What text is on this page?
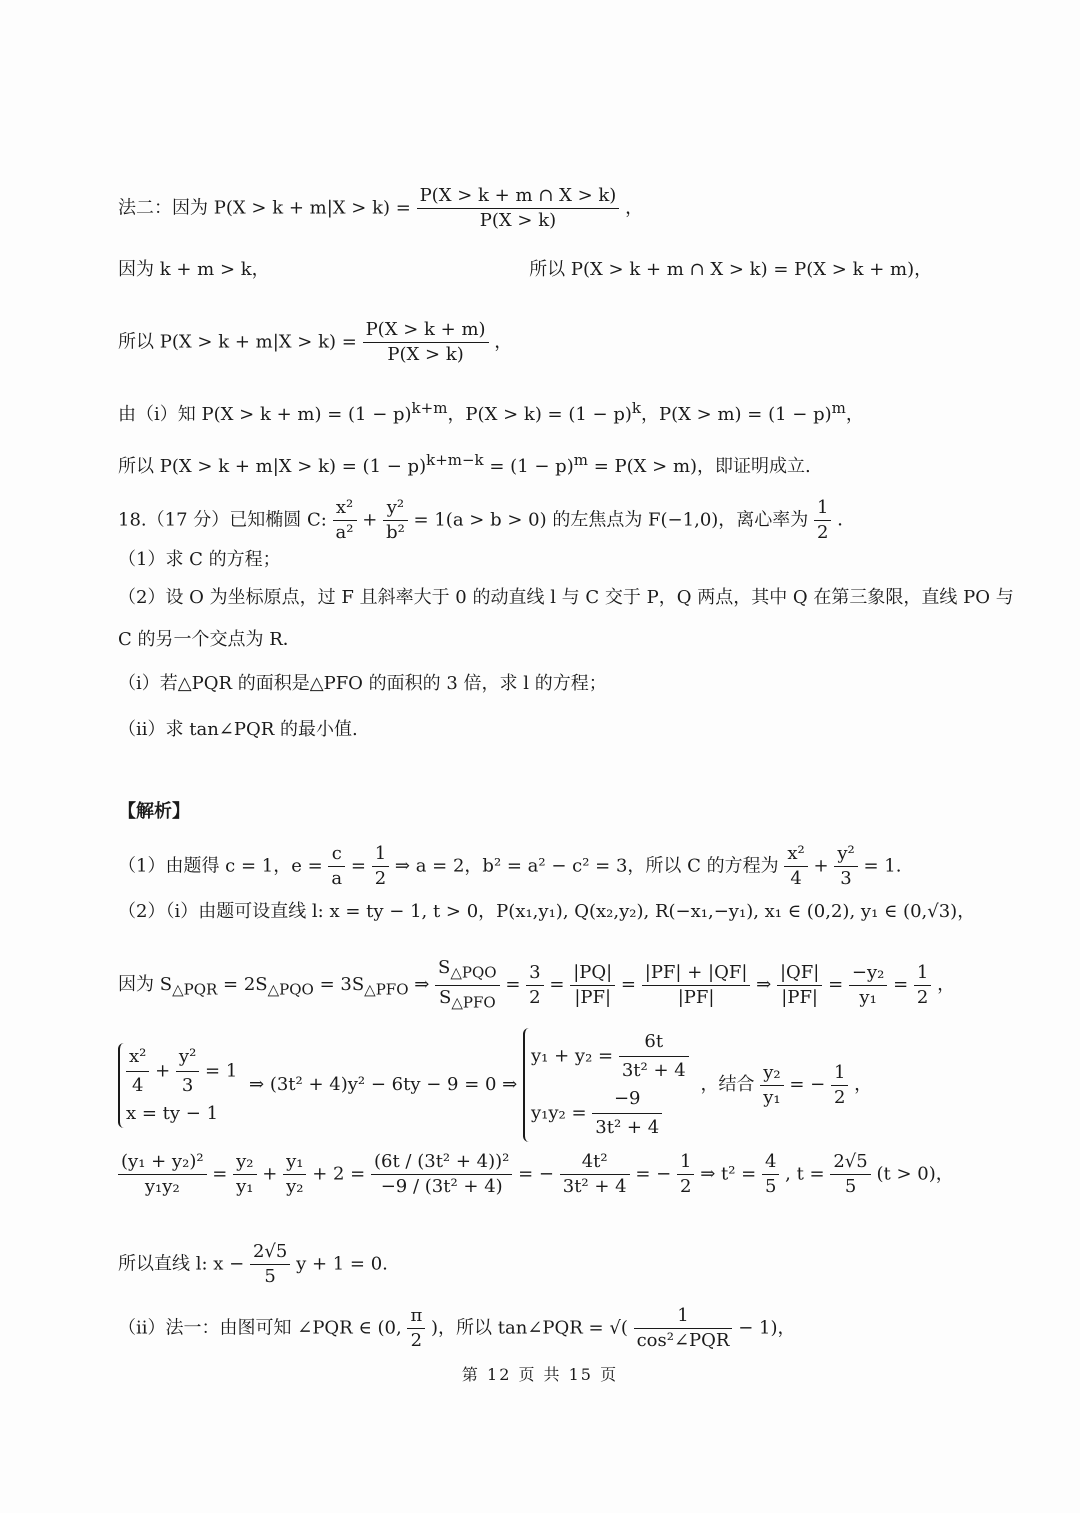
法二：因为 $P(X > k + m|X > k) = \frac{P(X > k + m \cap X > k)}{P(X > k)}$ ，
因为 k + m > k，	所以 P(X > k + m ∩ X > k) = P(X > k + m)，
所以 $P(X > k + m|X > k) = \frac{P(X > k + m)}{P(X > k)}$ ，
由（i）知 $P(X > k + m) = (1 - p)^{k+m}$，$P(X > k) = (1 - p)^k$，$P(X > m) = (1 - p)^m$，
所以 $P(X > k + m|X > k) = (1 - p)^{k+m-k} = (1 - p)^m = P(X > m)$，即证明成立.
18.（17 分）已知椭圆 C: $\frac{\text{x²}}{\text{a²}} + \frac{\text{y²}}{\text{b²}} = 1(a > b > 0)$ 的左焦点为 F(−1,0)，离心率为 $\frac{1}{2}$ ．
（1）求 C 的方程；
（2）设 O 为坐标原点，过 F 且斜率大于 0 的动直线 l 与 C 交于 P，Q 两点，其中 Q 在第三象限，直线 PO 与
C 的另一个交点为 R．
（i）若△PQR 的面积是△PFO 的面积的 3 倍，求 l 的方程；
（ii）求 tan∠PQR 的最小值.
【解析】
（1）由题得 c = 1，$e = \frac{c}{a} = \frac{1}{2}$ ⇒ a = 2，b² = a² − c² = 3，所以 C 的方程为 $\frac{\text{x²}}{4} + \frac{\text{y²}}{3} = 1$.
（2）（i）由题可设直线 l: x = ty − 1, t > 0，P(x₁,y₁), Q(x₂,y₂), R(−x₁,−y₁), x₁ ∈ (0,2), y₁ ∈ (0,√3)，
因为 $S_{\triangle PQR} = 2S_{\triangle PQO} = 3S_{\triangle PFO}$ ⇒ $\frac{S_{\triangle PQO}}{S_{\triangle PFO}} = \frac{3}{2} = \frac{|PQ|}{|PF|} = \frac{|PF| + |QF|}{|PF|}$ ⇒ $\frac{|QF|}{|PF|} = \frac{\text{−y₂}}{\text{y₁}} = \frac{1}{2}$ ，
$\frac{\text{x²}}{4} + \frac{\text{y²}}{3} = 1$
x = ty − 1
⇒ (3t² + 4)y² − 6ty − 9 = 0 ⇒
$y_1 + y_2 = \frac{6t}{\text{3t² + 4}}$
$y_1y_2 = \frac{-9}{\text{3t² + 4}}$
，结合 $\frac{\text{y₂}}{\text{y₁}}$ = − $\frac{1}{2}$ ，
$\frac{\text{(y₁ + y₂)²}}{\text{y₁y₂}} = \frac{\text{y₂}}{\text{y₁}} + \frac{\text{y₁}}{\text{y₂}} + 2 = \frac{\text{(6t / (3t² + 4))²}}{\text{−9 / (3t² + 4)}}$ = − $\frac{\text{4t²}}{\text{3t² + 4}}$ = − $\frac{1}{2}$ ⇒ $t^2 = \frac{4}{5}$ , $t = \frac{2√5}{5} (t > 0)$，
所以直线 l: $x - \frac{2√5}{5}$ y + 1 = 0.
（ii）法一：由图可知 ∠PQR ∈ (0, $\frac{\pi}{2}$ )，所以 tan∠PQR = √( $\frac{1}{\text{cos²∠PQR}} - 1$)，
第 12 页 共 15 页
